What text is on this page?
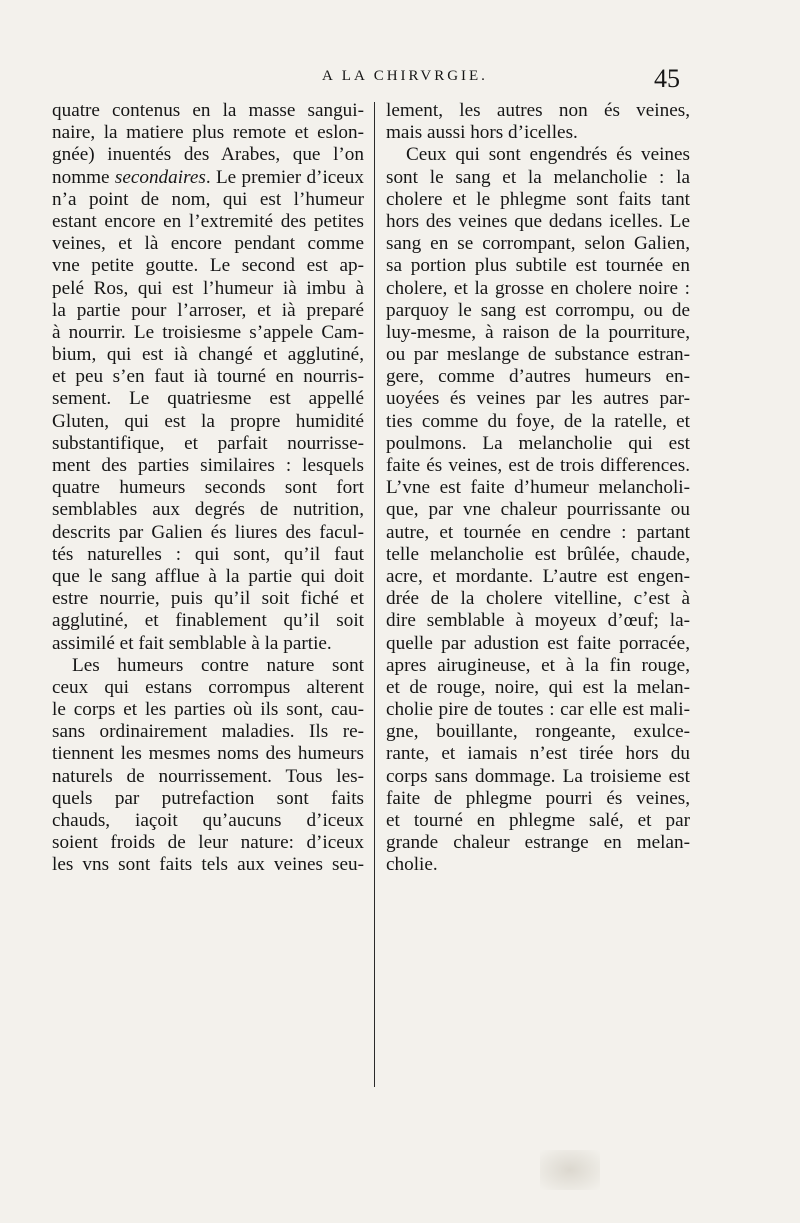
A LA CHIRVRGIE.	45
quatre contenus en la masse sangui-
naire, la matiere plus remote et eslon-
gnée) inuentés des Arabes, que l’on
nomme secondaires. Le premier d’iceux
n’a point de nom, qui est l’humeur
estant encore en l’extremité des petites
veines, et là encore pendant comme
vne petite goutte. Le second est ap-
pelé Ros, qui est l’humeur ià imbu à
la partie pour l’arroser, et ià preparé
à nourrir. Le troisiesme s’appele Cam-
bium, qui est ià changé et agglutiné,
et peu s’en faut ià tourné en nourris-
sement. Le quatriesme est appellé
Gluten, qui est la propre humidité
substantifique, et parfait nourrisse-
ment des parties similaires : lesquels
quatre humeurs seconds sont fort
semblables aux degrés de nutrition,
descrits par Galien és liures des facul-
tés naturelles : qui sont, qu’il faut
que le sang afflue à la partie qui doit
estre nourrie, puis qu’il soit fiché et
agglutiné, et finablement qu’il soit
assimilé et fait semblable à la partie.
Les humeurs contre nature sont
ceux qui estans corrompus alterent
le corps et les parties où ils sont, cau-
sans ordinairement maladies. Ils re-
tiennent les mesmes noms des humeurs
naturels de nourrissement. Tous les-
quels par putrefaction sont faits
chauds, iaçoit qu’aucuns d’iceux
soient froids de leur nature: d’iceux
les vns sont faits tels aux veines seu-
lement, les autres non és veines,
mais aussi hors d’icelles.
Ceux qui sont engendrés és veines
sont le sang et la melancholie : la
cholere et le phlegme sont faits tant
hors des veines que dedans icelles. Le
sang en se corrompant, selon Galien,
sa portion plus subtile est tournée en
cholere, et la grosse en cholere noire :
parquoy le sang est corrompu, ou de
luy-mesme, à raison de la pourriture,
ou par meslange de substance estran-
gere, comme d’autres humeurs en-
uoyées és veines par les autres par-
ties comme du foye, de la ratelle, et
poulmons. La melancholie qui est
faite és veines, est de trois differences.
L’vne est faite d’humeur melancholi-
que, par vne chaleur pourrissante ou
autre, et tournée en cendre : partant
telle melancholie est brûlée, chaude,
acre, et mordante. L’autre est engen-
drée de la cholere vitelline, c’est à
dire semblable à moyeux d’œuf; la-
quelle par adustion est faite porracée,
apres airugineuse, et à la fin rouge,
et de rouge, noire, qui est la melan-
cholie pire de toutes : car elle est mali-
gne, bouillante, rongeante, exulce-
rante, et iamais n’est tirée hors du
corps sans dommage. La troisieme est
faite de phlegme pourri és veines,
et tourné en phlegme salé, et par
grande chaleur estrange en melan-
cholie.
